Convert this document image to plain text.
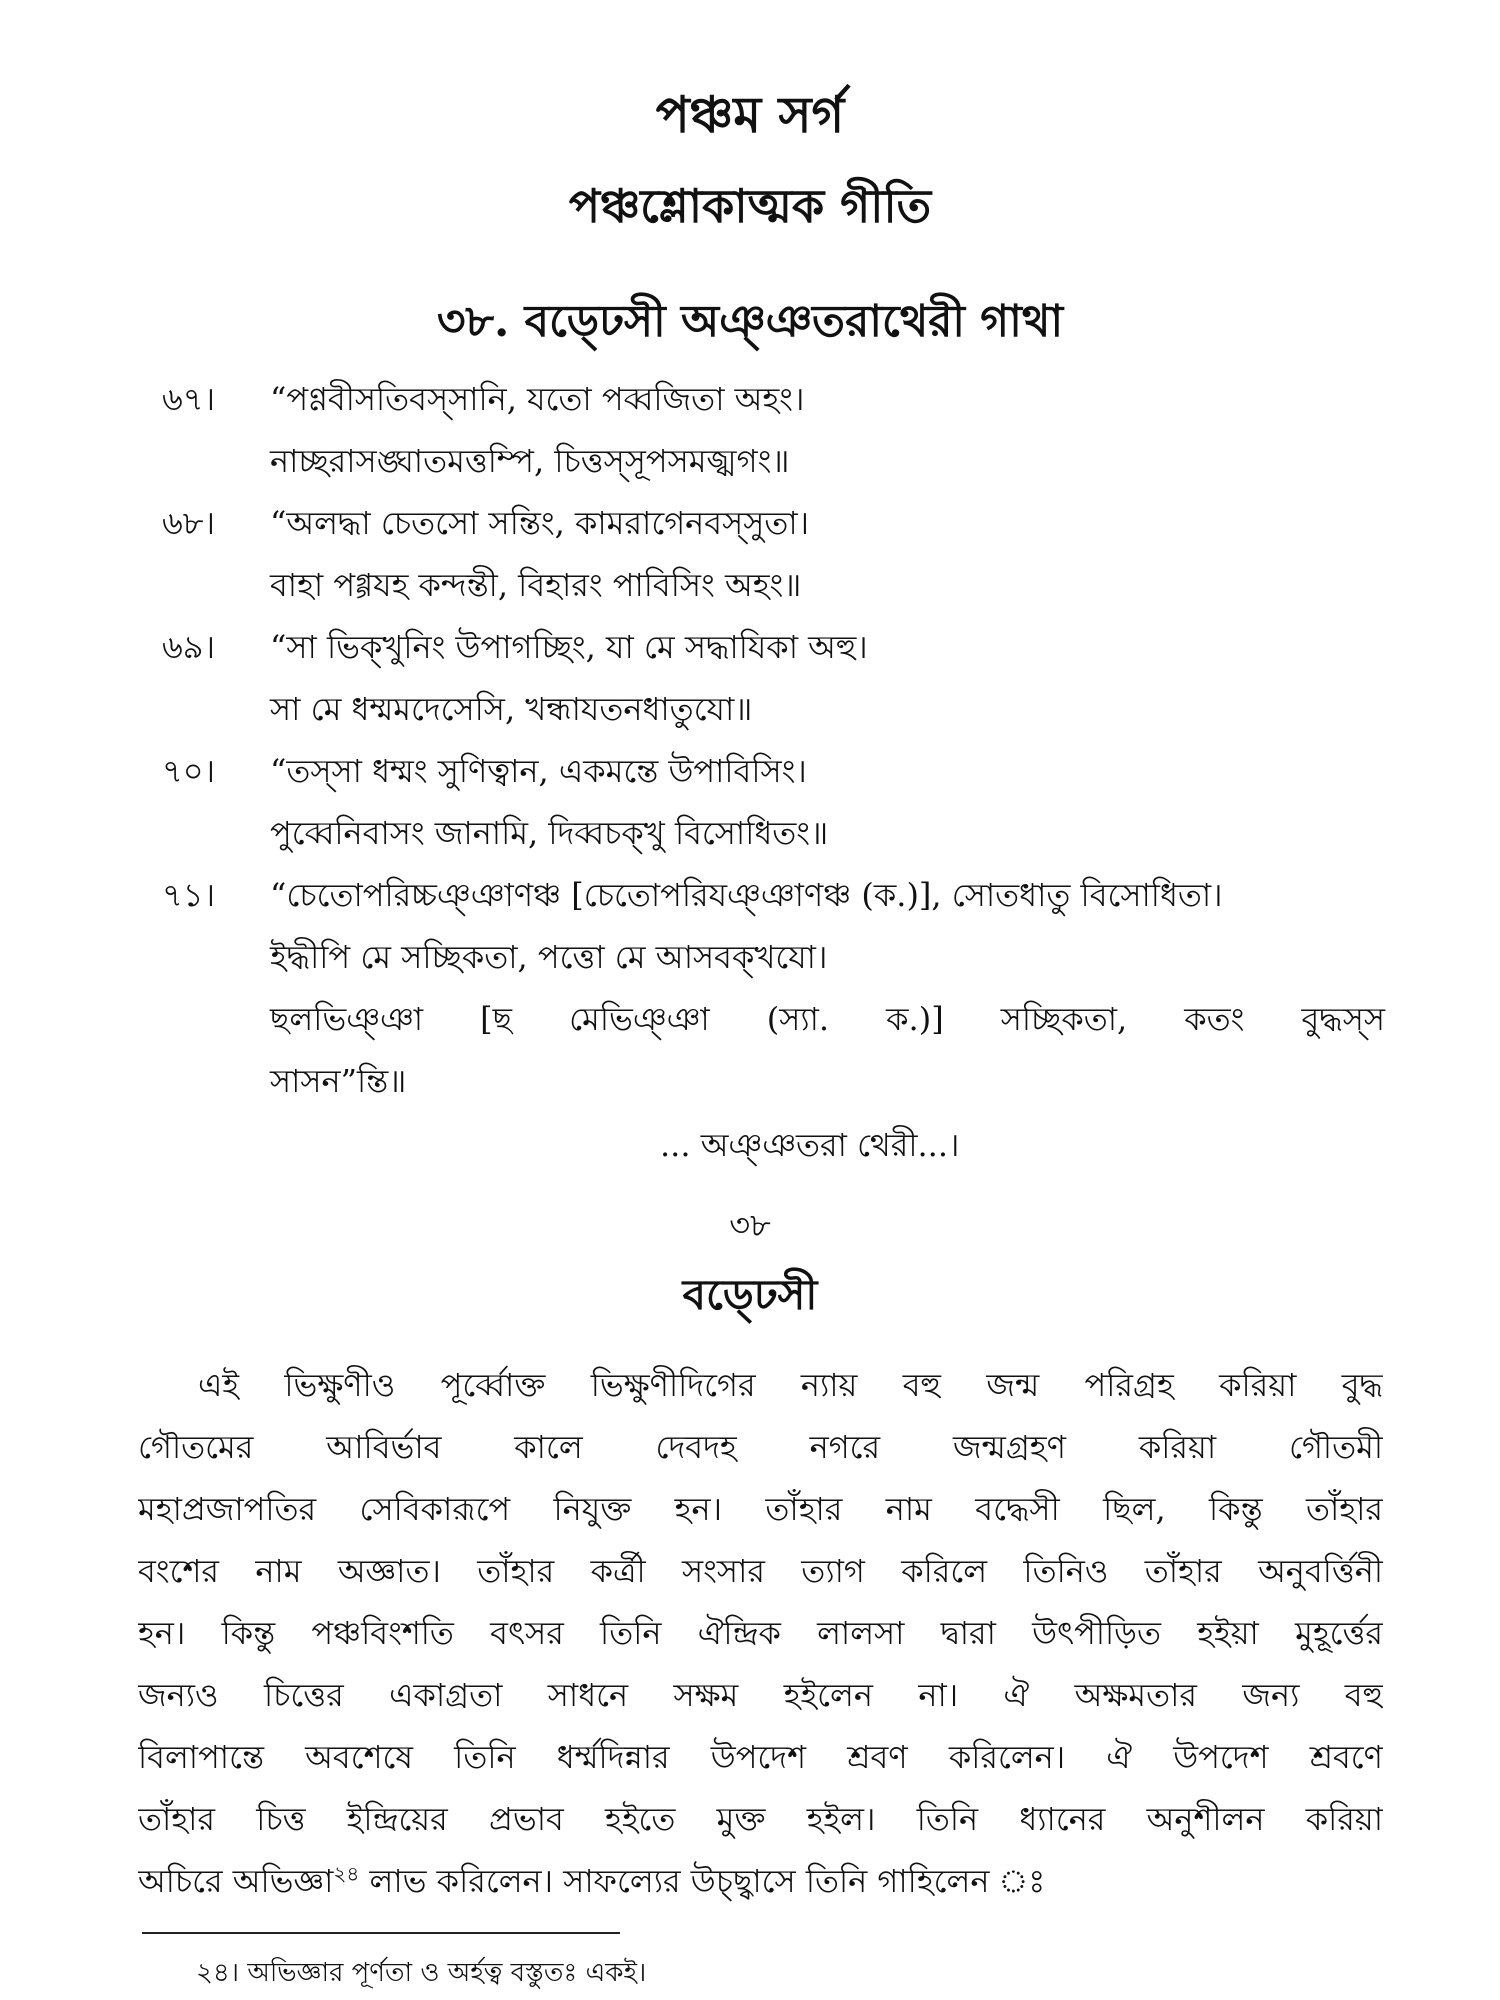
পঞ্চম সর্গ
পঞ্চশ্লোকাত্মক গীতি
৩৮. বড্ঢেসী অঞ্ঞতরাথেরী গাথা
৬৭। “পণ্ণবীসতিবস্সানি, যতো পব্বজিতা অহং।
নাচ্ছরাসঙ্ঘাতমত্তম্পি, চিত্তস্সূপসমজ্ঝগং॥
৬৮। “অলদ্ধা চেতসো সন্তিং, কামরাগেনবস্সুতা।
বাহা পগ্গযহ কন্দন্তী, বিহারং পাবিসিং অহং॥
৬৯। “সা ভিক্খুনিং উপাগচ্ছিং, যা মে সদ্ধাযিকা অহু।
সা মে ধম্মমদেসেসি, খন্ধাযতনধাতুযো॥
৭০। “তস্সা ধম্মং সুণিত্বান, একমন্তে উপাবিসিং।
পুব্বেনিবাসং জানামি, দিব্বচক্খু বিসোধিতং॥
৭১। “চেতোপরিচ্চঞ্ঞাণঞ্চ [চেতোপরিযঞ্ঞাণঞ্চ (ক.)], সোতধাতু বিসোধিতা।
ইদ্ধীপি মে সচ্ছিকতা, পত্তো মে আসবক্খযো।
ছলভিঞ্ঞা [ছ মেভিঞ্ঞা (স্যা. ক.)] সচ্ছিকতা, কতং বুদ্ধস্স
সাসন”ন্তি॥
... অঞ্ঞতরা থেরী...।
৩৮
বড্ঢেসী
এই ভিক্ষুণীও পূর্ব্বোক্ত ভিক্ষুণীদিগের ন্যায় বহু জন্ম পরিগ্রহ করিয়া বুদ্ধ
গৌতমের আবির্ভাব কালে দেবদহ নগরে জন্মগ্রহণ করিয়া গৌতমী
মহাপ্রজাপতির সেবিকারূপে নিযুক্ত হন। তাঁহার নাম বদ্ধেসী ছিল, কিন্তু তাঁহার
বংশের নাম অজ্ঞাত। তাঁহার কর্ত্রী সংসার ত্যাগ করিলে তিনিও তাঁহার অনুবর্ত্তিনী
হন। কিন্তু পঞ্চবিংশতি বৎসর তিনি ঐন্দ্রিক লালসা দ্বারা উৎপীড়িত হইয়া মুহূর্ত্তের
জন্যও চিত্তের একাগ্রতা সাধনে সক্ষম হইলেন না। ঐ অক্ষমতার জন্য বহু
বিলাপান্তে অবশেষে তিনি ধর্ম্মদিন্নার উপদেশ শ্রবণ করিলেন। ঐ উপদেশ শ্রবণে
তাঁহার চিত্ত ইন্দ্রিয়ের প্রভাব হইতে মুক্ত হইল। তিনি ধ্যানের অনুশীলন করিয়া
অচিরে অভিজ্ঞা$^{২৪}$ লাভ করিলেন। সাফল্যের উচ্ছ্বাসে তিনি গাহিলেন ঃ
২৪। অভিজ্ঞার পূর্ণতা ও অর্হত্ব বস্তুতঃ একই।
